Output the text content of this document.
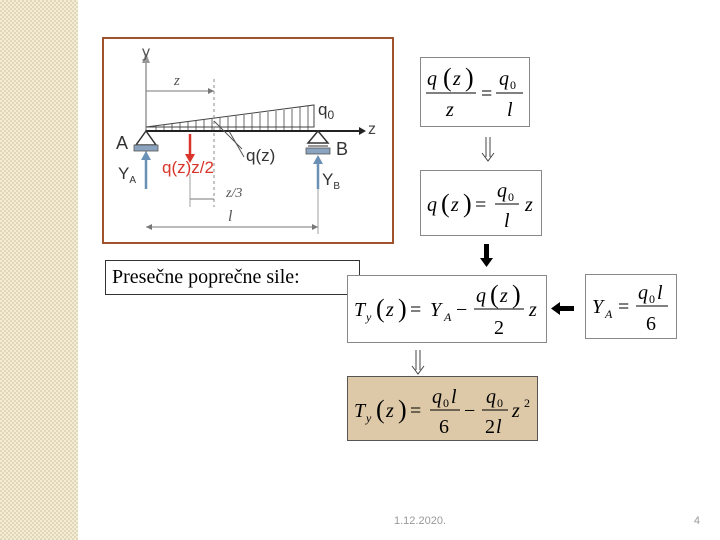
y
z
$q_0$
z
A	B
$Y_A$	$Y_B$
q(z)z/2
q(z)
z/3
l
q ( z )
z
=
q 0
l
q ( z ) =
q 0
l
z
Presečne poprečne sile:
T y ( z ) = Y A −
q ( z )
2
z	Y A =
q 0 l
6
T y ( z ) =
q 0 l
6
−
q 0
2 l
z 2
1.12.2020.	4
